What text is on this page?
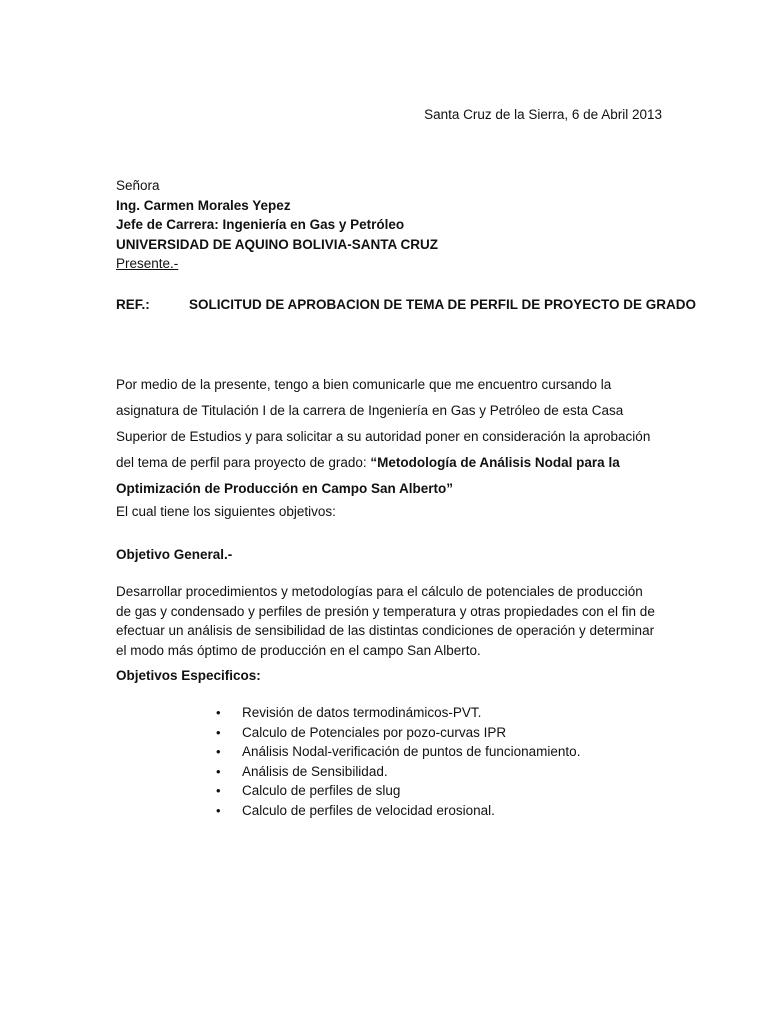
Santa Cruz de la Sierra, 6 de Abril 2013
Señora
Ing. Carmen Morales Yepez
Jefe de Carrera: Ingeniería en Gas y Petróleo
UNIVERSIDAD DE AQUINO BOLIVIA-SANTA CRUZ
Presente.-
REF.:	SOLICITUD DE APROBACION DE TEMA DE PERFIL DE PROYECTO DE GRADO
Por medio de la presente, tengo a bien comunicarle que me encuentro cursando la asignatura de Titulación I de la carrera de Ingeniería en Gas y Petróleo de esta Casa Superior de Estudios y para solicitar a su autoridad poner en consideración la aprobación del tema de perfil para proyecto de grado: “Metodología de Análisis Nodal para la Optimización de Producción en Campo San Alberto”
El cual tiene los siguientes objetivos:
Objetivo General.-
Desarrollar procedimientos y metodologías para el cálculo de potenciales de producción de gas y condensado y perfiles de presión y temperatura y otras propiedades con el fin de efectuar un análisis de sensibilidad de las distintas condiciones de operación y determinar el modo más óptimo de producción en el campo San Alberto.
Objetivos Especificos:
• Revisión de datos termodinámicos-PVT.
• Calculo de Potenciales por pozo-curvas IPR
• Análisis Nodal-verificación de puntos de funcionamiento.
• Análisis de Sensibilidad.
• Calculo de perfiles de slug
• Calculo de perfiles de velocidad erosional.
